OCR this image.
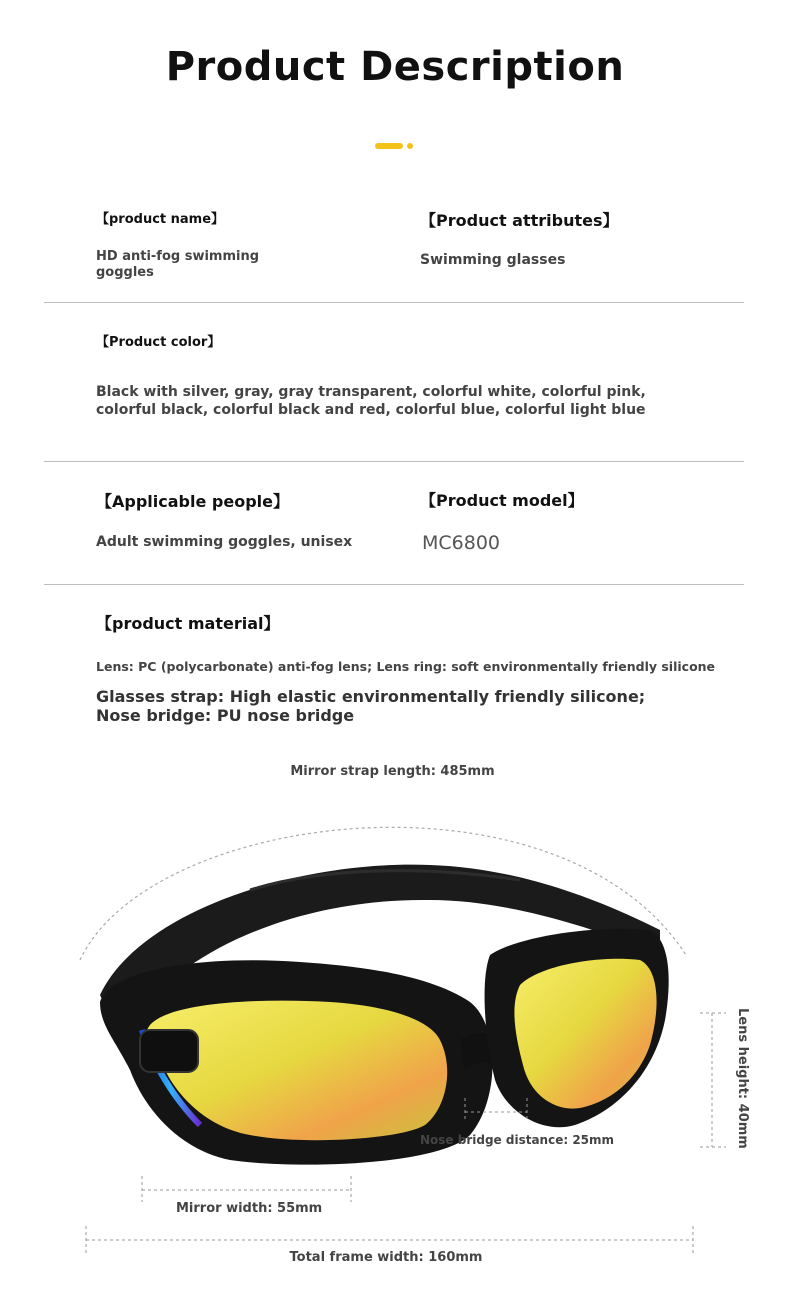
Product Description
【product name】
HD anti-fog swimming goggles
【Product attributes】
Swimming glasses
【Product color】
Black with silver, gray, gray transparent, colorful white, colorful pink,
colorful black, colorful black and red, colorful blue, colorful light blue
【Applicable people】
Adult swimming goggles, unisex
【Product model】
MC6800
【product material】
Lens: PC (polycarbonate) anti-fog lens; Lens ring: soft environmentally friendly silicone
Glasses strap: High elastic environmentally friendly silicone;
Nose bridge: PU nose bridge
Lens height: 40mm
Mirror strap length: 485mm
Nose bridge distance: 25mm
Mirror width: 55mm
Total frame width: 160mm
